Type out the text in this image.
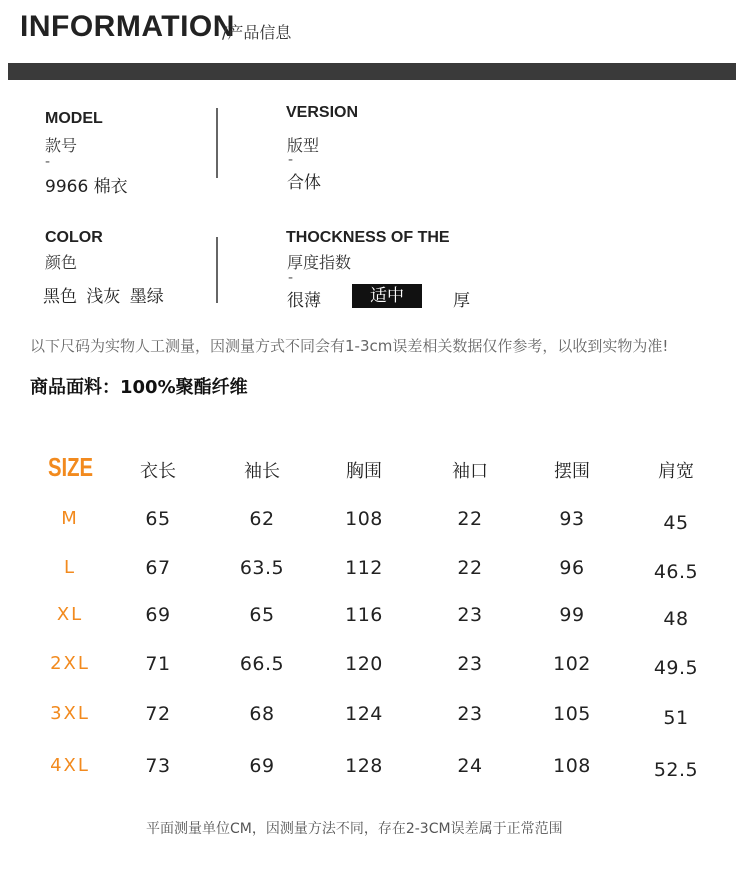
INFORMATION
/产品信息
MODEL
款号
-
9966 棉衣
VERSION
版型
-
合体
COLOR
颜色
黑色 浅灰 墨绿
THOCKNESS OF THE
厚度指数
-
很薄	适中	厚
以下尺码为实物人工测量，因测量方式不同会有1-3cm误差相关数据仅作参考，以收到实物为准!
商品面料：100%聚酯纤维
SIZE	衣长	袖长	胸围	袖口	摆围	肩宽
M	65	62	108	22	93	45
L	67	63.5	112	22	96	46.5
XL	69	65	116	23	99	48
2XL	71	66.5	120	23	102	49.5
3XL	72	68	124	23	105	51
4XL	73	69	128	24	108	52.5
平面测量单位CM，因测量方法不同，存在2-3CM误差属于正常范围
